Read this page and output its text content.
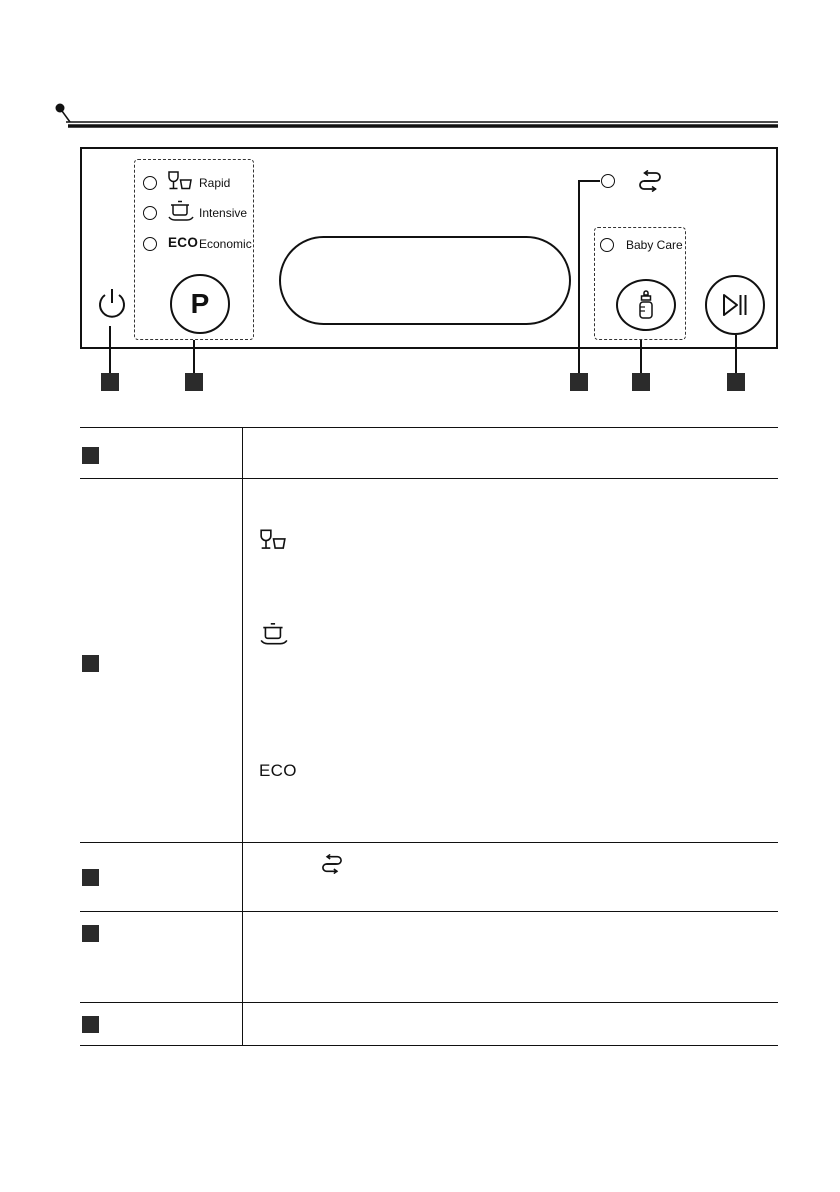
Rapid
Intensive
ECO Economic
P
Baby Care

	ECO
